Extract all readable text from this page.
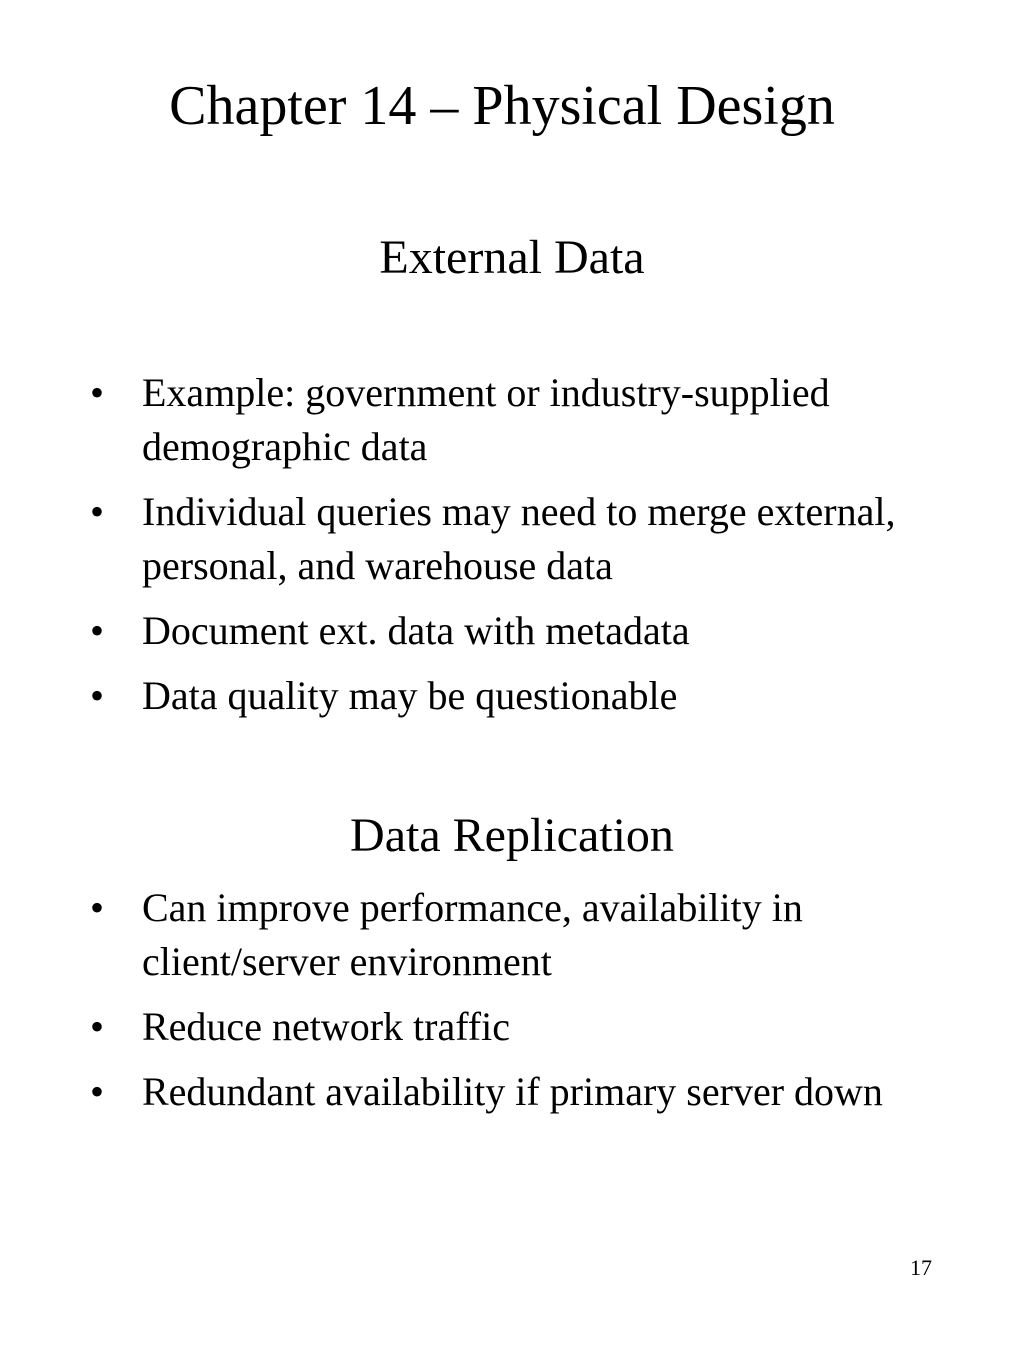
Chapter 14 – Physical Design
External Data
• Example: government or industry-supplied demographic data
• Individual queries may need to merge external, personal, and warehouse data
• Document ext. data with metadata
• Data quality may be questionable
Data Replication
• Can improve performance, availability in client/server environment
• Reduce network traffic
• Redundant availability if primary server down
17
